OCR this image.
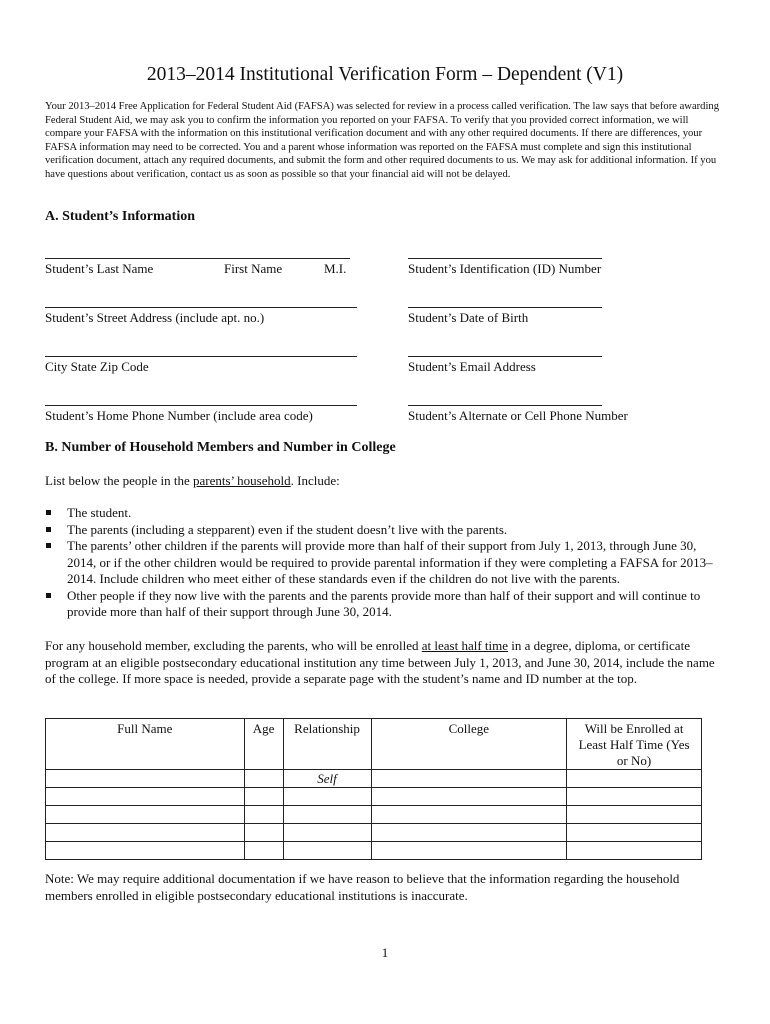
2013–2014 Institutional Verification Form – Dependent (V1)

Your 2013–2014 Free Application for Federal Student Aid (FAFSA) was selected for review in a process called verification. The law says that before awarding Federal Student Aid, we may ask you to confirm the information you reported on your FAFSA. To verify that you provided correct information, we will compare your FAFSA with the information on this institutional verification document and with any other required documents. If there are differences, your FAFSA information may need to be corrected. You and a parent whose information was reported on the FAFSA must complete and sign this institutional verification document, attach any required documents, and submit the form and other required documents to us. We may ask for additional information. If you have questions about verification, contact us as soon as possible so that your financial aid will not be delayed.

A. Student’s Information
Student’s Last Name	First Name	M.I.	Student’s Identification (ID) Number
Student’s Street Address (include apt. no.)	Student’s Date of Birth
City State Zip Code	Student’s Email Address
Student’s Home Phone Number (include area code)	Student’s Alternate or Cell Phone Number
B. Number of Household Members and Number in College

List below the people in the parents’ household. Include:

The student.
The parents (including a stepparent) even if the student doesn’t live with the parents.
The parents’ other children if the parents will provide more than half of their support from July 1, 2013, through June 30, 2014, or if the other children would be required to provide parental information if they were completing a FAFSA for 2013–2014. Include children who meet either of these standards even if the children do not live with the parents.
Other people if they now live with the parents and the parents provide more than half of their support and will continue to provide more than half of their support through June 30, 2014.

For any household member, excluding the parents, who will be enrolled at least half time in a degree, diploma, or certificate program at an eligible postsecondary educational institution any time between July 1, 2013, and June 30, 2014, include the name of the college. If more space is needed, provide a separate page with the student’s name and ID number at the top.

Full Name	Age	Relationship	College	Will be Enrolled at Least Half Time (Yes or No)
		Self		

Note: We may require additional documentation if we have reason to believe that the information regarding the household members enrolled in eligible postsecondary educational institutions is inaccurate.

1
